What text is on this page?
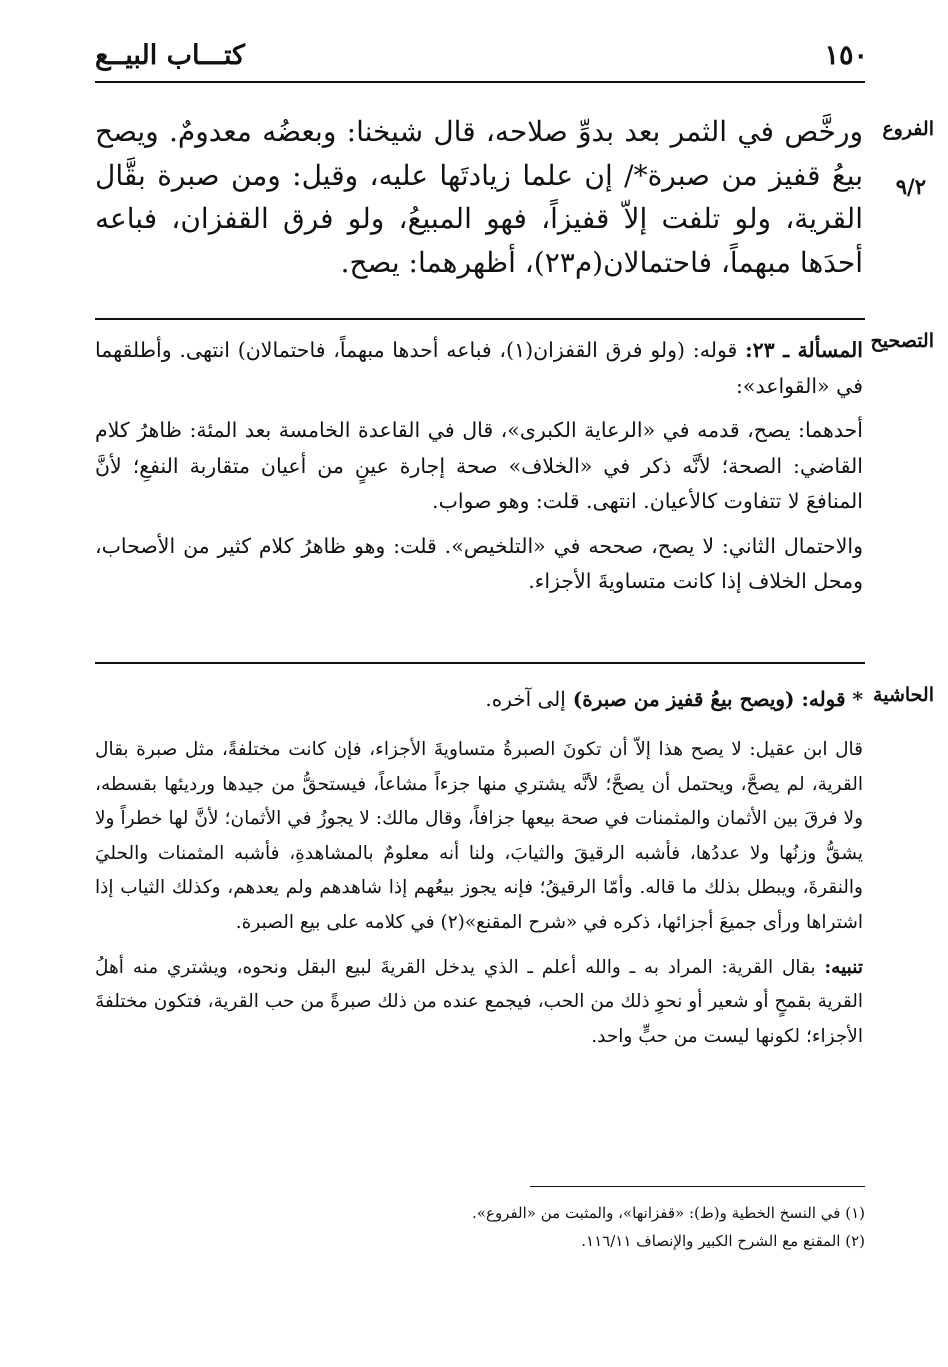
١٥٠
كتـــاب البيــع
الفروع
٩/٢

ورخَّص في الثمر بعد بدوِّ صلاحه، قال شيخنا: وبعضُه معدومٌ. ويصح بيعُ قفيز من صبرة*/ إن علما زيادتَها عليه، وقيل: ومن صبرة بقَّال القرية، ولو تلفت إلاّ قفيزاً، فهو المبيعُ، ولو فرق القفزان، فباعه أحدَها مبهماً، فاحتمالان(م٢٣)، أظهرهما: يصح.

التصحيح

المسألة ـ ٢٣: قوله: (ولو فرق القفزان(١)، فباعه أحدها مبهماً، فاحتمالان) انتهى. وأطلقهما في «القواعد»:

أحدهما: يصح، قدمه في «الرعاية الكبرى»، قال في القاعدة الخامسة بعد المئة: ظاهرُ كلام القاضي: الصحة؛ لأنَّه ذكر في «الخلاف» صحة إجارة عينٍ من أعيان متقاربة النفعِ؛ لأنَّ المنافعَ لا تتفاوت كالأعيان. انتهى. قلت: وهو صواب.

والاحتمال الثاني: لا يصح، صححه في «التلخيص». قلت: وهو ظاهرُ كلام كثير من الأصحاب، ومحل الخلاف إذا كانت متساويةَ الأجزاء.

الحاشية
* قوله: (ويصح بيعُ قفيز من صبرة) إلى آخره.

قال ابن عقيل: لا يصح هذا إلاّ أن تكونَ الصبرةُ متساويةَ الأجزاء، فإن كانت مختلفةً، مثل صبرة بقال القرية، لم يصحَّ، ويحتمل أن يصحَّ؛ لأنَّه يشتري منها جزءاً مشاعاً، فيستحقُّ من جيدها ورديئها بقسطه، ولا فرقَ بين الأثمان والمثمنات في صحة بيعها جزافاً، وقال مالك: لا يجوزُ في الأثمان؛ لأنَّ لها خطراً ولا يشقُّ وزنُها ولا عددُها، فأشبه الرقيقَ والثيابَ، ولنا أنه معلومٌ بالمشاهدةِ، فأشبه المثمنات والحليَ والنقرةَ، ويبطل بذلك ما قاله. وأمّا الرقيقُ؛ فإنه يجوز بيعُهم إذا شاهدهم ولم يعدهم، وكذلك الثياب إذا اشتراها ورأى جميعَ أجزائها، ذكره في «شرح المقنع»(٢) في كلامه على بيع الصبرة.

تنبيه: بقال القرية: المراد به ـ والله أعلم ـ الذي يدخل القريةَ لبيع البقل ونحوه، ويشتري منه أهلُ القرية بقمحٍ أو شعير أو نحوِ ذلك من الحب، فيجمع عنده من ذلك صبرةً من حب القرية، فتكون مختلفةَ الأجزاء؛ لكونها ليست من حبٍّ واحد.

(١) في النسخ الخطية و(ط): «قفزانها»، والمثبت من «الفروع».
(٢) المقنع مع الشرح الكبير والإنصاف ١١٦/١١.
